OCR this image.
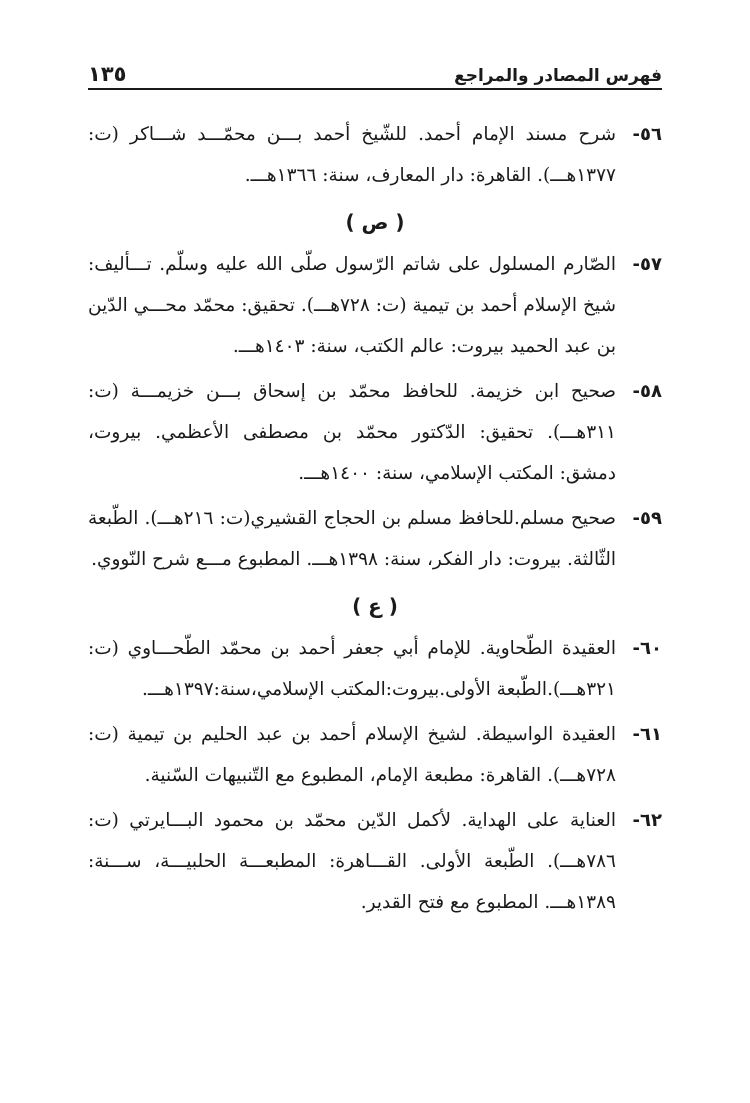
فهرس المصادر والمراجع
١٣٥
٥٦-
شرح مسند الإمام أحمد. للشّيخ أحمد بـــن محمّـــد شـــاكر (ت: ١٣٧٧هـــ). القاهرة: دار المعارف، سنة: ١٣٦٦هـــ.
( ص )
٥٧-
الصّارم المسلول على شاتم الرّسول صلّى الله عليه وسلّم. تـــأليف: شيخ الإسلام أحمد بن تيمية (ت: ٧٢٨هـــ). تحقيق: محمّد محـــي الدّين بن عبد الحميد بيروت: عالم الكتب، سنة: ١٤٠٣هـــ.
٥٨-
صحيح ابن خزيمة. للحافظ محمّد بن إسحاق بـــن خزيمـــة (ت: ٣١١هـــ). تحقيق: الدّكتور محمّد بن مصطفى الأعظمي. بيروت، دمشق: المكتب الإسلامي، سنة: ١٤٠٠هـــ.
٥٩-
صحيح مسلم.للحافظ مسلم بن الحجاج القشيري(ت: ٢١٦هـــ). الطّبعة الثّالثة. بيروت: دار الفكر، سنة: ١٣٩٨هـــ. المطبوع مـــع شرح النّووي.
( ع )
٦٠-
العقيدة الطّحاوية. للإمام أبي جعفر أحمد بن محمّد الطّحـــاوي (ت: ٣٢١هـــ).الطّبعة الأولى.بيروت:المكتب الإسلامي،سنة:١٣٩٧هـــ.
٦١-
العقيدة الواسيطة. لشيخ الإسلام أحمد بن عبد الحليم بن تيمية (ت: ٧٢٨هـــ). القاهرة: مطبعة الإمام، المطبوع مع التّنبيهات السّنية.
٦٢-
العناية على الهداية. لأكمل الدّين محمّد بن محمود البـــايرتي (ت: ٧٨٦هـــ). الطّبعة الأولى. القـــاهرة: المطبعـــة الحلبيـــة، ســـنة: ١٣٨٩هـــ. المطبوع مع فتح القدير.
